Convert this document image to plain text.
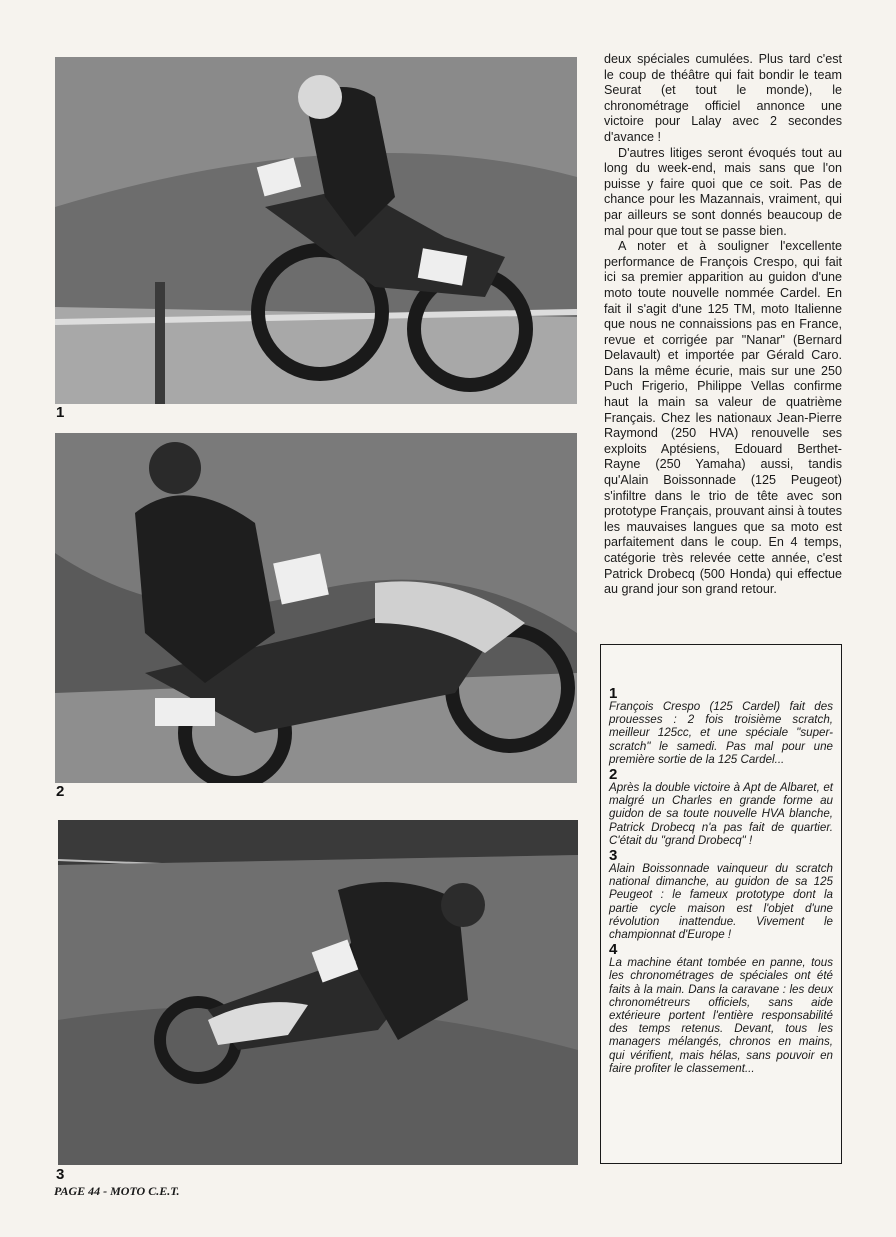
1
2
3

deux spéciales cumulées. Plus tard c'est le coup de théâtre qui fait bondir le team Seurat (et tout le monde), le chronométrage officiel annonce une victoire pour Lalay avec 2 secondes d'avance !

D'autres litiges seront évoqués tout au long du week-end, mais sans que l'on puisse y faire quoi que ce soit. Pas de chance pour les Mazannais, vraiment, qui par ailleurs se sont donnés beaucoup de mal pour que tout se passe bien.

A noter et à souligner l'excellente performance de François Crespo, qui fait ici sa premier apparition au guidon d'une moto toute nouvelle nommée Cardel. En fait il s'agit d'une 125 TM, moto Italienne que nous ne connaissions pas en France, revue et corrigée par "Nanar" (Bernard Delavault) et importée par Gérald Caro. Dans la même écurie, mais sur une 250 Puch Frigerio, Philippe Vellas confirme haut la main sa valeur de quatrième Français. Chez les nationaux Jean-Pierre Raymond (250 HVA) renouvelle ses exploits Aptésiens, Edouard Berthet-Rayne (250 Yamaha) aussi, tandis qu'Alain Boissonnade (125 Peugeot) s'infiltre dans le trio de tête avec son prototype Français, prouvant ainsi à toutes les mauvaises langues que sa moto est parfaitement dans le coup. En 4 temps, catégorie très relevée cette année, c'est Patrick Drobecq (500 Honda) qui effectue au grand jour son grand retour.

1
François Crespo (125 Cardel) fait des prouesses : 2 fois troisième scratch, meilleur 125cc, et une spéciale "super-scratch" le samedi. Pas mal pour une première sortie de la 125 Cardel...
2
Après la double victoire à Apt de Albaret, et malgré un Charles en grande forme au guidon de sa toute nouvelle HVA blanche, Patrick Drobecq n'a pas fait de quartier. C'était du "grand Drobecq" !
3
Alain Boissonnade vainqueur du scratch national dimanche, au guidon de sa 125 Peugeot : le fameux prototype dont la partie cycle maison est l'objet d'une révolution inattendue. Vivement le championnat d'Europe !
4
La machine étant tombée en panne, tous les chronométrages de spéciales ont été faits à la main. Dans la caravane : les deux chronométreurs officiels, sans aide extérieure portent l'entière responsabilité des temps retenus. Devant, tous les managers mélangés, chronos en mains, qui vérifient, mais hélas, sans pouvoir en faire profiter le classement...
PAGE 44 - MOTO C.E.T.
